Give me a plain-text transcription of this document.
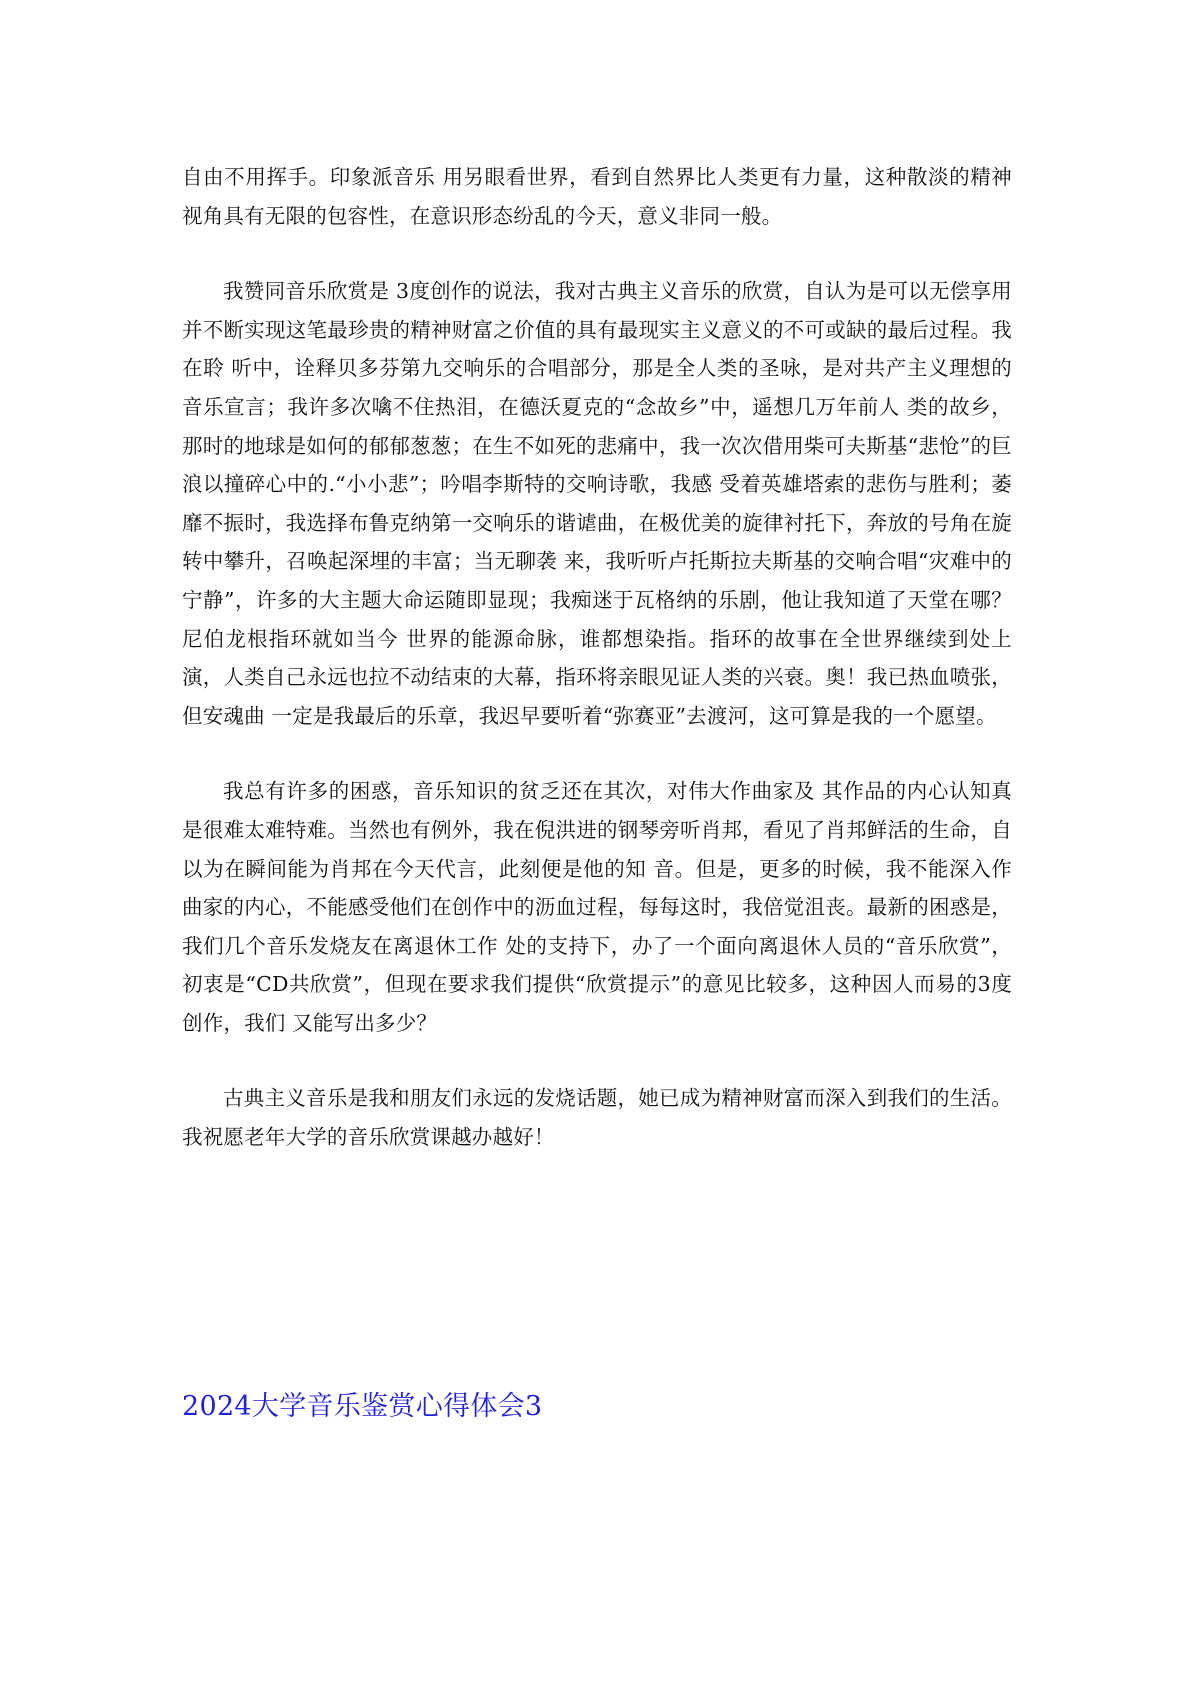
自由不用挥手。印象派音乐 用另眼看世界，看到自然界比人类更有力量，这种散淡的精神视角具有无限的包容性，在意识形态纷乱的今天，意义非同一般。

我赞同音乐欣赏是 3度创作的说法，我对古典主义音乐的欣赏，自认为是可以无偿享用并不断实现这笔最珍贵的精神财富之价值的具有最现实主义意义的不可或缺的最后过程。我在聆 听中，诠释贝多芬第九交响乐的合唱部分，那是全人类的圣咏，是对共产主义理想的音乐宣言；我许多次噙不住热泪，在德沃夏克的“念故乡”中，遥想几万年前人 类的故乡，那时的地球是如何的郁郁葱葱；在生不如死的悲痛中，我一次次借用柴可夫斯基“悲怆”的巨浪以撞碎心中的.“小小悲”；吟唱李斯特的交响诗歌，我感 受着英雄塔索的悲伤与胜利；萎靡不振时，我选择布鲁克纳第一交响乐的谐谑曲，在极优美的旋律衬托下，奔放的号角在旋转中攀升，召唤起深埋的丰富；当无聊袭 来，我听听卢托斯拉夫斯基的交响合唱“灾难中的宁静”，许多的大主题大命运随即显现；我痴迷于瓦格纳的乐剧，他让我知道了天堂在哪？尼伯龙根指环就如当今 世界的能源命脉，谁都想染指。指环的故事在全世界继续到处上演，人类自己永远也拉不动结束的大幕，指环将亲眼见证人类的兴衰。奥！我已热血喷张，但安魂曲 一定是我最后的乐章，我迟早要听着“弥赛亚”去渡河，这可算是我的一个愿望。

我总有许多的困惑，音乐知识的贫乏还在其次，对伟大作曲家及 其作品的内心认知真是很难太难特难。当然也有例外，我在倪洪进的钢琴旁听肖邦，看见了肖邦鲜活的生命，自以为在瞬间能为肖邦在今天代言，此刻便是他的知 音。但是，更多的时候，我不能深入作曲家的内心，不能感受他们在创作中的沥血过程，每每这时，我倍觉沮丧。最新的困惑是，我们几个音乐发烧友在离退休工作 处的支持下，办了一个面向离退休人员的“音乐欣赏”，初衷是“CD共欣赏”，但现在要求我们提供“欣赏提示”的意见比较多，这种因人而易的3度创作，我们 又能写出多少？

古典主义音乐是我和朋友们永远的发烧话题，她已成为精神财富而深入到我们的生活。我祝愿老年大学的音乐欣赏课越办越好！

2024大学音乐鉴赏心得体会3
